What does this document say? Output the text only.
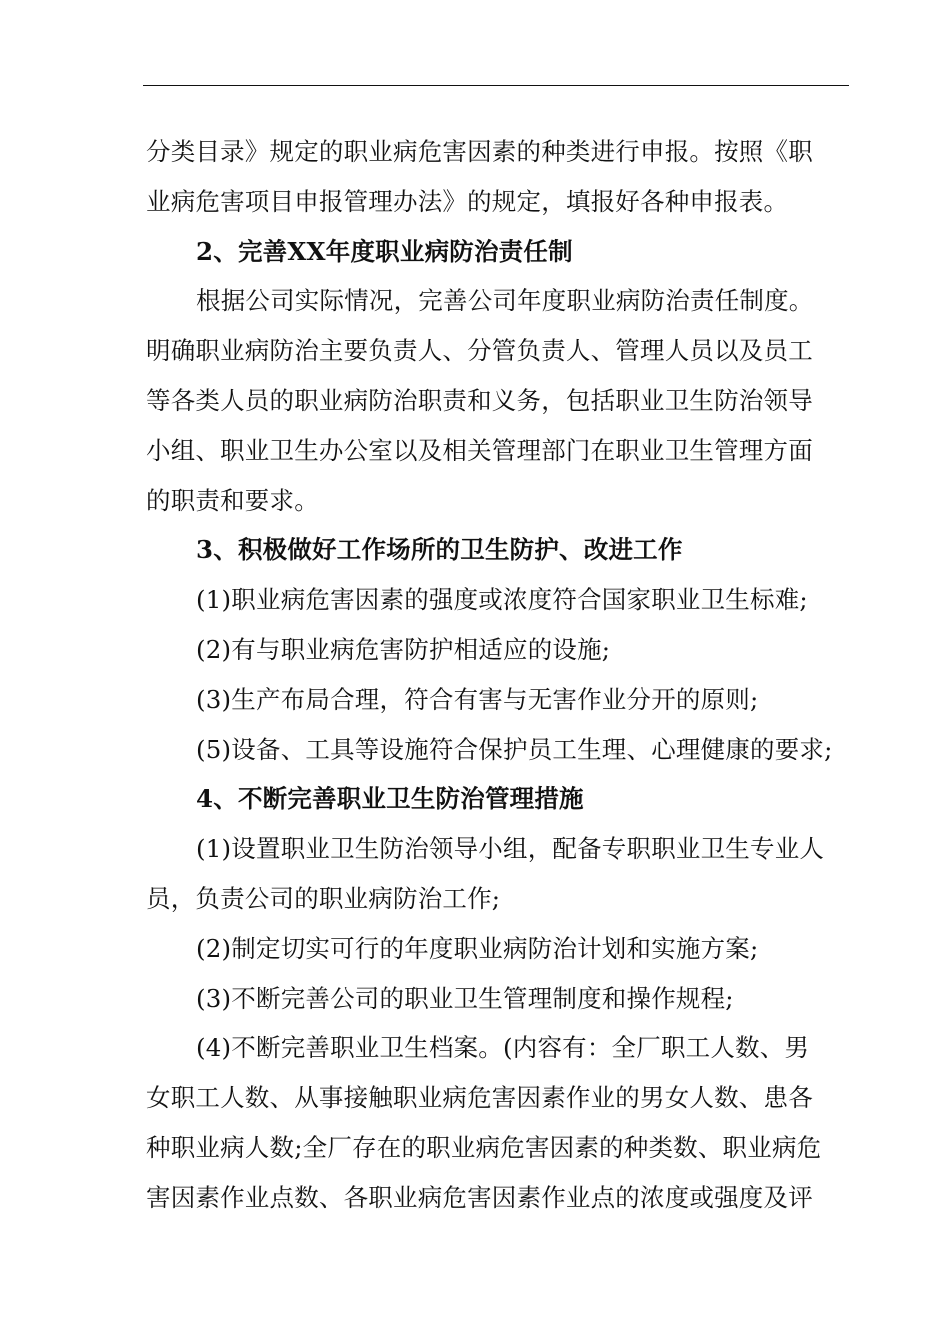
分类目录》规定的职业病危害因素的种类进行申报。按照《职
业病危害项目申报管理办法》的规定，填报好各种申报表。
2、完善XX年度职业病防治责任制
根据公司实际情况，完善公司年度职业病防治责任制度。
明确职业病防治主要负责人、分管负责人、管理人员以及员工
等各类人员的职业病防治职责和义务，包括职业卫生防治领导
小组、职业卫生办公室以及相关管理部门在职业卫生管理方面
的职责和要求。
3、积极做好工作场所的卫生防护、改进工作
(1)职业病危害因素的强度或浓度符合国家职业卫生标难;
(2)有与职业病危害防护相适应的设施;
(3)生产布局合理，符合有害与无害作业分开的原则;
(5)设备、工具等设施符合保护员工生理、心理健康的要求;
4、不断完善职业卫生防治管理措施
(1)设置职业卫生防治领导小组，配备专职职业卫生专业人
员，负责公司的职业病防治工作;
(2)制定切实可行的年度职业病防治计划和实施方案;
(3)不断完善公司的职业卫生管理制度和操作规程;
(4)不断完善职业卫生档案。(内容有：全厂职工人数、男
女职工人数、从事接触职业病危害因素作业的男女人数、患各
种职业病人数;全厂存在的职业病危害因素的种类数、职业病危
害因素作业点数、各职业病危害因素作业点的浓度或强度及评
